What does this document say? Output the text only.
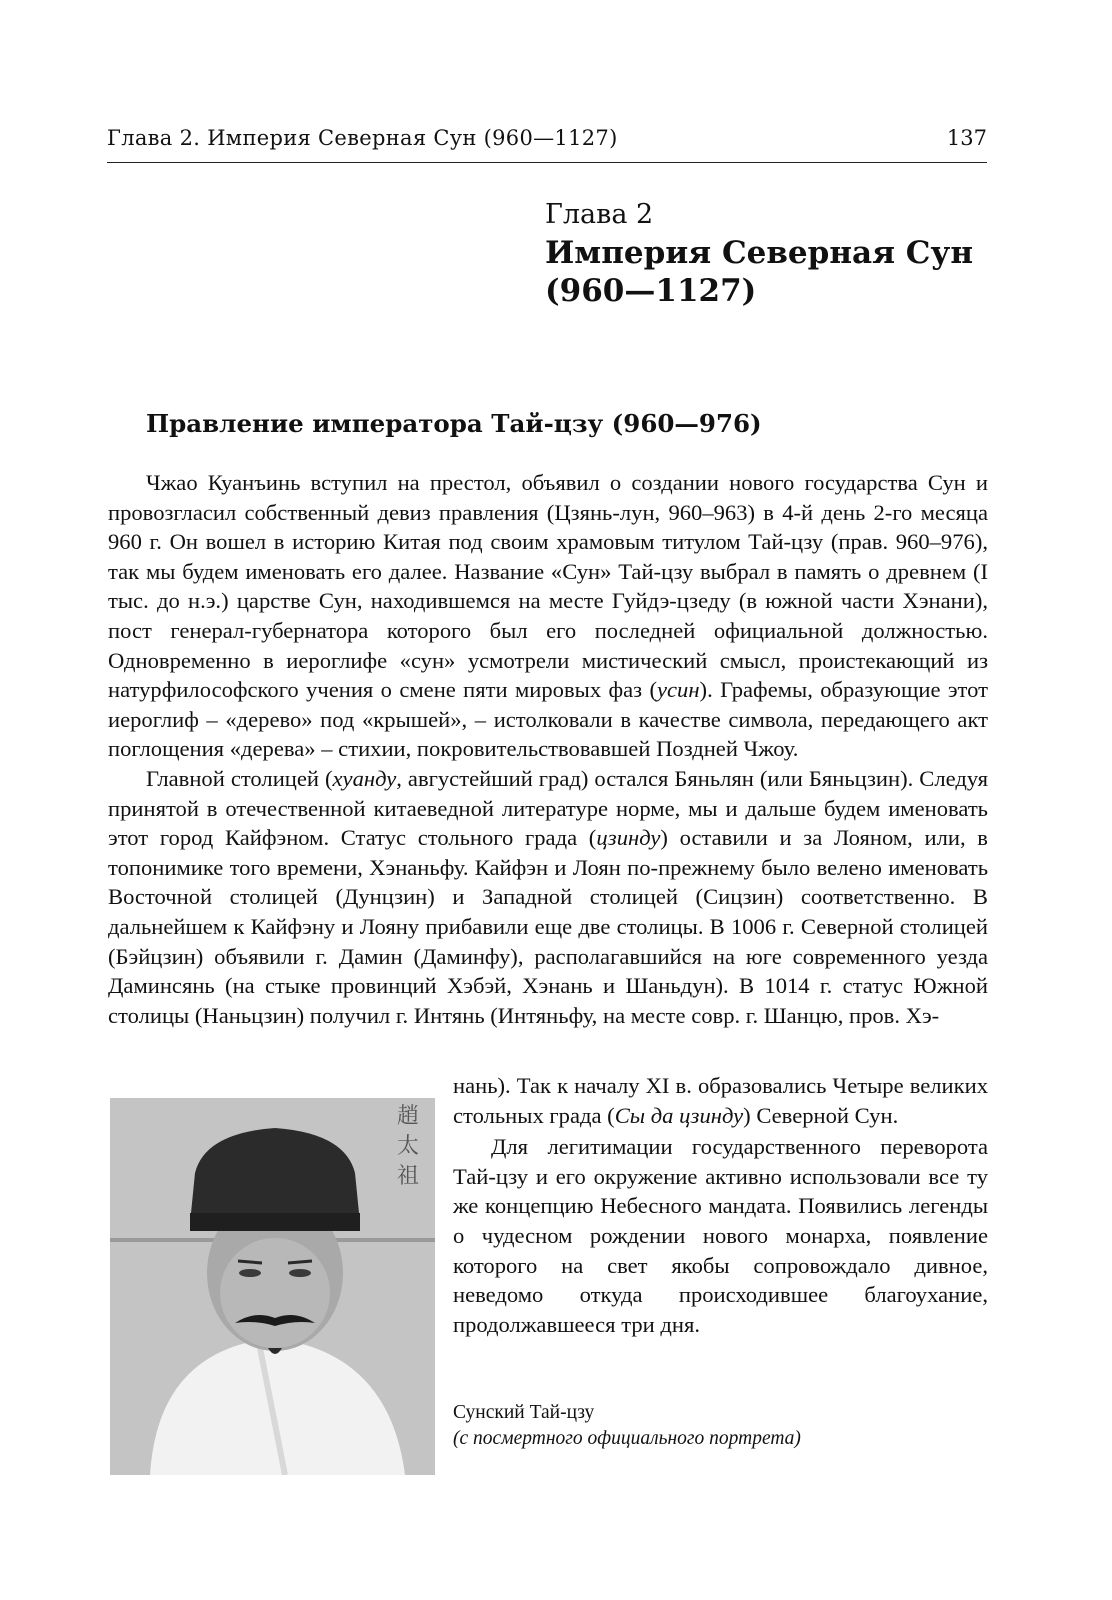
Глава 2. Империя Северная Сун (960—1127)	137
Глава 2
Империя Северная Сун
(960—1127)
Правление императора Тай-цзу (960—976)

Чжао Куанъинь вступил на престол, объявил о создании нового государства Сун и провозгласил собственный девиз правления (Цзянь-лун, 960–963) в 4-й день 2-го месяца 960 г. Он вошел в историю Китая под своим храмовым титулом Тай-цзу (прав. 960–976), так мы будем именовать его далее. Название «Сун» Тай-цзу выбрал в память о древнем (I тыс. до н.э.) царстве Сун, находившемся на месте Гуйдэ-цзеду (в южной части Хэнани), пост генерал-губернатора которого был его последней официальной должностью. Одновременно в иероглифе «сун» усмотрели мистический смысл, проистекающий из натурфилософского учения о смене пяти мировых фаз (усин). Графемы, образующие этот иероглиф – «дерево» под «крышей», – истолковали в качестве символа, передающего акт поглощения «дерева» – стихии, покровительствовавшей Поздней Чжоу.

Главной столицей (хуанду, августейший град) остался Бяньлян (или Бяньцзин). Следуя принятой в отечественной китаеведной литературе норме, мы и дальше будем именовать этот город Кайфэном. Статус стольного града (цзинду) оставили и за Лояном, или, в топонимике того времени, Хэнаньфу. Кайфэн и Лоян по-прежнему было велено именовать Восточной столицей (Дунцзин) и Западной столицей (Сицзин) соответственно. В дальнейшем к Кайфэну и Лояну прибавили еще две столицы. В 1006 г. Северной столицей (Бэйцзин) объявили г. Дамин (Даминфу), располагавшийся на юге современного уезда Даминсянь (на стыке провинций Хэбэй, Хэнань и Шаньдун). В 1014 г. статус Южной столицы (Наньцзин) получил г. Интянь (Интяньфу, на месте совр. г. Шанцю, пров. Хэ-

趙
太
祖

нань). Так к началу XI в. образовались Четыре великих стольных града (Сы да цзинду) Северной Сун.

Для легитимации государственного переворота Тай-цзу и его окружение активно использовали все ту же концепцию Небесного мандата. Появились легенды о чудесном рождении нового монарха, появление которого на свет якобы сопровождало дивное, неведомо откуда происходившее благоухание, продолжавшееся три дня.

Сунский Тай-цзу
(с посмертного официального портрета)
